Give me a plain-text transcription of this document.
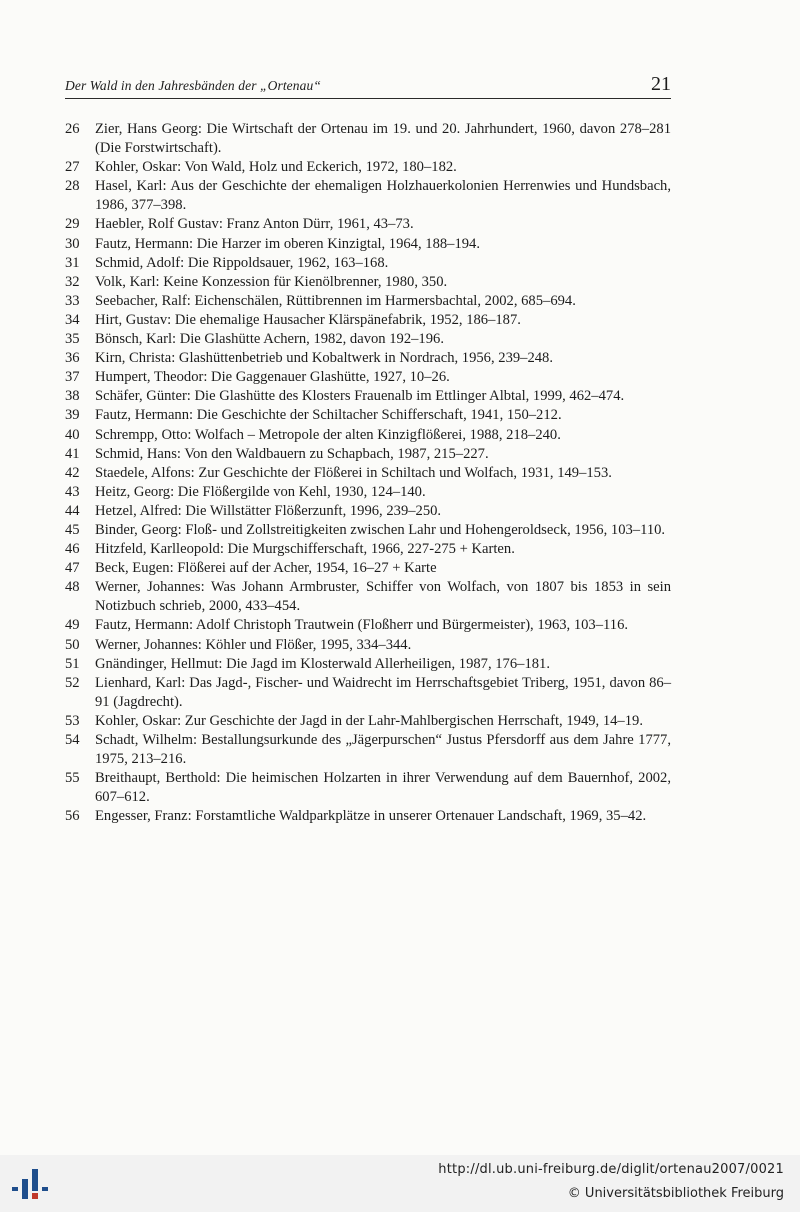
Der Wald in den Jahresbänden der „Ortenau“	21
26	Zier, Hans Georg: Die Wirtschaft der Ortenau im 19. und 20. Jahrhundert, 1960, davon 278–281 (Die Forstwirtschaft).
27	Kohler, Oskar: Von Wald, Holz und Eckerich, 1972, 180–182.
28	Hasel, Karl: Aus der Geschichte der ehemaligen Holzhauerkolonien Herrenwies und Hundsbach, 1986, 377–398.
29	Haebler, Rolf Gustav: Franz Anton Dürr, 1961, 43–73.
30	Fautz, Hermann: Die Harzer im oberen Kinzigtal, 1964, 188–194.
31	Schmid, Adolf: Die Rippoldsauer, 1962, 163–168.
32	Volk, Karl: Keine Konzession für Kienölbrenner, 1980, 350.
33	Seebacher, Ralf: Eichenschälen, Rüttibrennen im Harmersbachtal, 2002, 685–694.
34	Hirt, Gustav: Die ehemalige Hausacher Klärspänefabrik, 1952, 186–187.
35	Bönsch, Karl: Die Glashütte Achern, 1982, davon 192–196.
36	Kirn, Christa: Glashüttenbetrieb und Kobaltwerk in Nordrach, 1956, 239–248.
37	Humpert, Theodor: Die Gaggenauer Glashütte, 1927, 10–26.
38	Schäfer, Günter: Die Glashütte des Klosters Frauenalb im Ettlinger Albtal, 1999, 462–474.
39	Fautz, Hermann: Die Geschichte der Schiltacher Schifferschaft, 1941, 150–212.
40	Schrempp, Otto: Wolfach – Metropole der alten Kinzigflößerei, 1988, 218–240.
41	Schmid, Hans: Von den Waldbauern zu Schapbach, 1987, 215–227.
42	Staedele, Alfons: Zur Geschichte der Flößerei in Schiltach und Wolfach, 1931, 149–153.
43	Heitz, Georg: Die Flößergilde von Kehl, 1930, 124–140.
44	Hetzel, Alfred: Die Willstätter Flößerzunft, 1996, 239–250.
45	Binder, Georg: Floß- und Zollstreitigkeiten zwischen Lahr und Hohengeroldseck, 1956, 103–110.
46	Hitzfeld, Karlleopold: Die Murgschifferschaft, 1966, 227-275 + Karten.
47	Beck, Eugen: Flößerei auf der Acher, 1954, 16–27 + Karte
48	Werner, Johannes: Was Johann Armbruster, Schiffer von Wolfach, von 1807 bis 1853 in sein Notizbuch schrieb, 2000, 433–454.
49	Fautz, Hermann: Adolf Christoph Trautwein (Floßherr und Bürgermeister), 1963, 103–116.
50	Werner, Johannes: Köhler und Flößer, 1995, 334–344.
51	Gnändinger, Hellmut: Die Jagd im Klosterwald Allerheiligen, 1987, 176–181.
52	Lienhard, Karl: Das Jagd-, Fischer- und Waidrecht im Herrschaftsgebiet Triberg, 1951, davon 86–91 (Jagdrecht).
53	Kohler, Oskar: Zur Geschichte der Jagd in der Lahr-Mahlbergischen Herrschaft, 1949, 14–19.
54	Schadt, Wilhelm: Bestallungsurkunde des „Jägerpurschen“ Justus Pfersdorff aus dem Jahre 1777, 1975, 213–216.
55	Breithaupt, Berthold: Die heimischen Holzarten in ihrer Verwendung auf dem Bauernhof, 2002, 607–612.
56	Engesser, Franz: Forstamtliche Waldparkplätze in unserer Ortenauer Landschaft, 1969, 35–42.
http://dl.ub.uni-freiburg.de/diglit/ortenau2007/0021
© Universitätsbibliothek Freiburg
